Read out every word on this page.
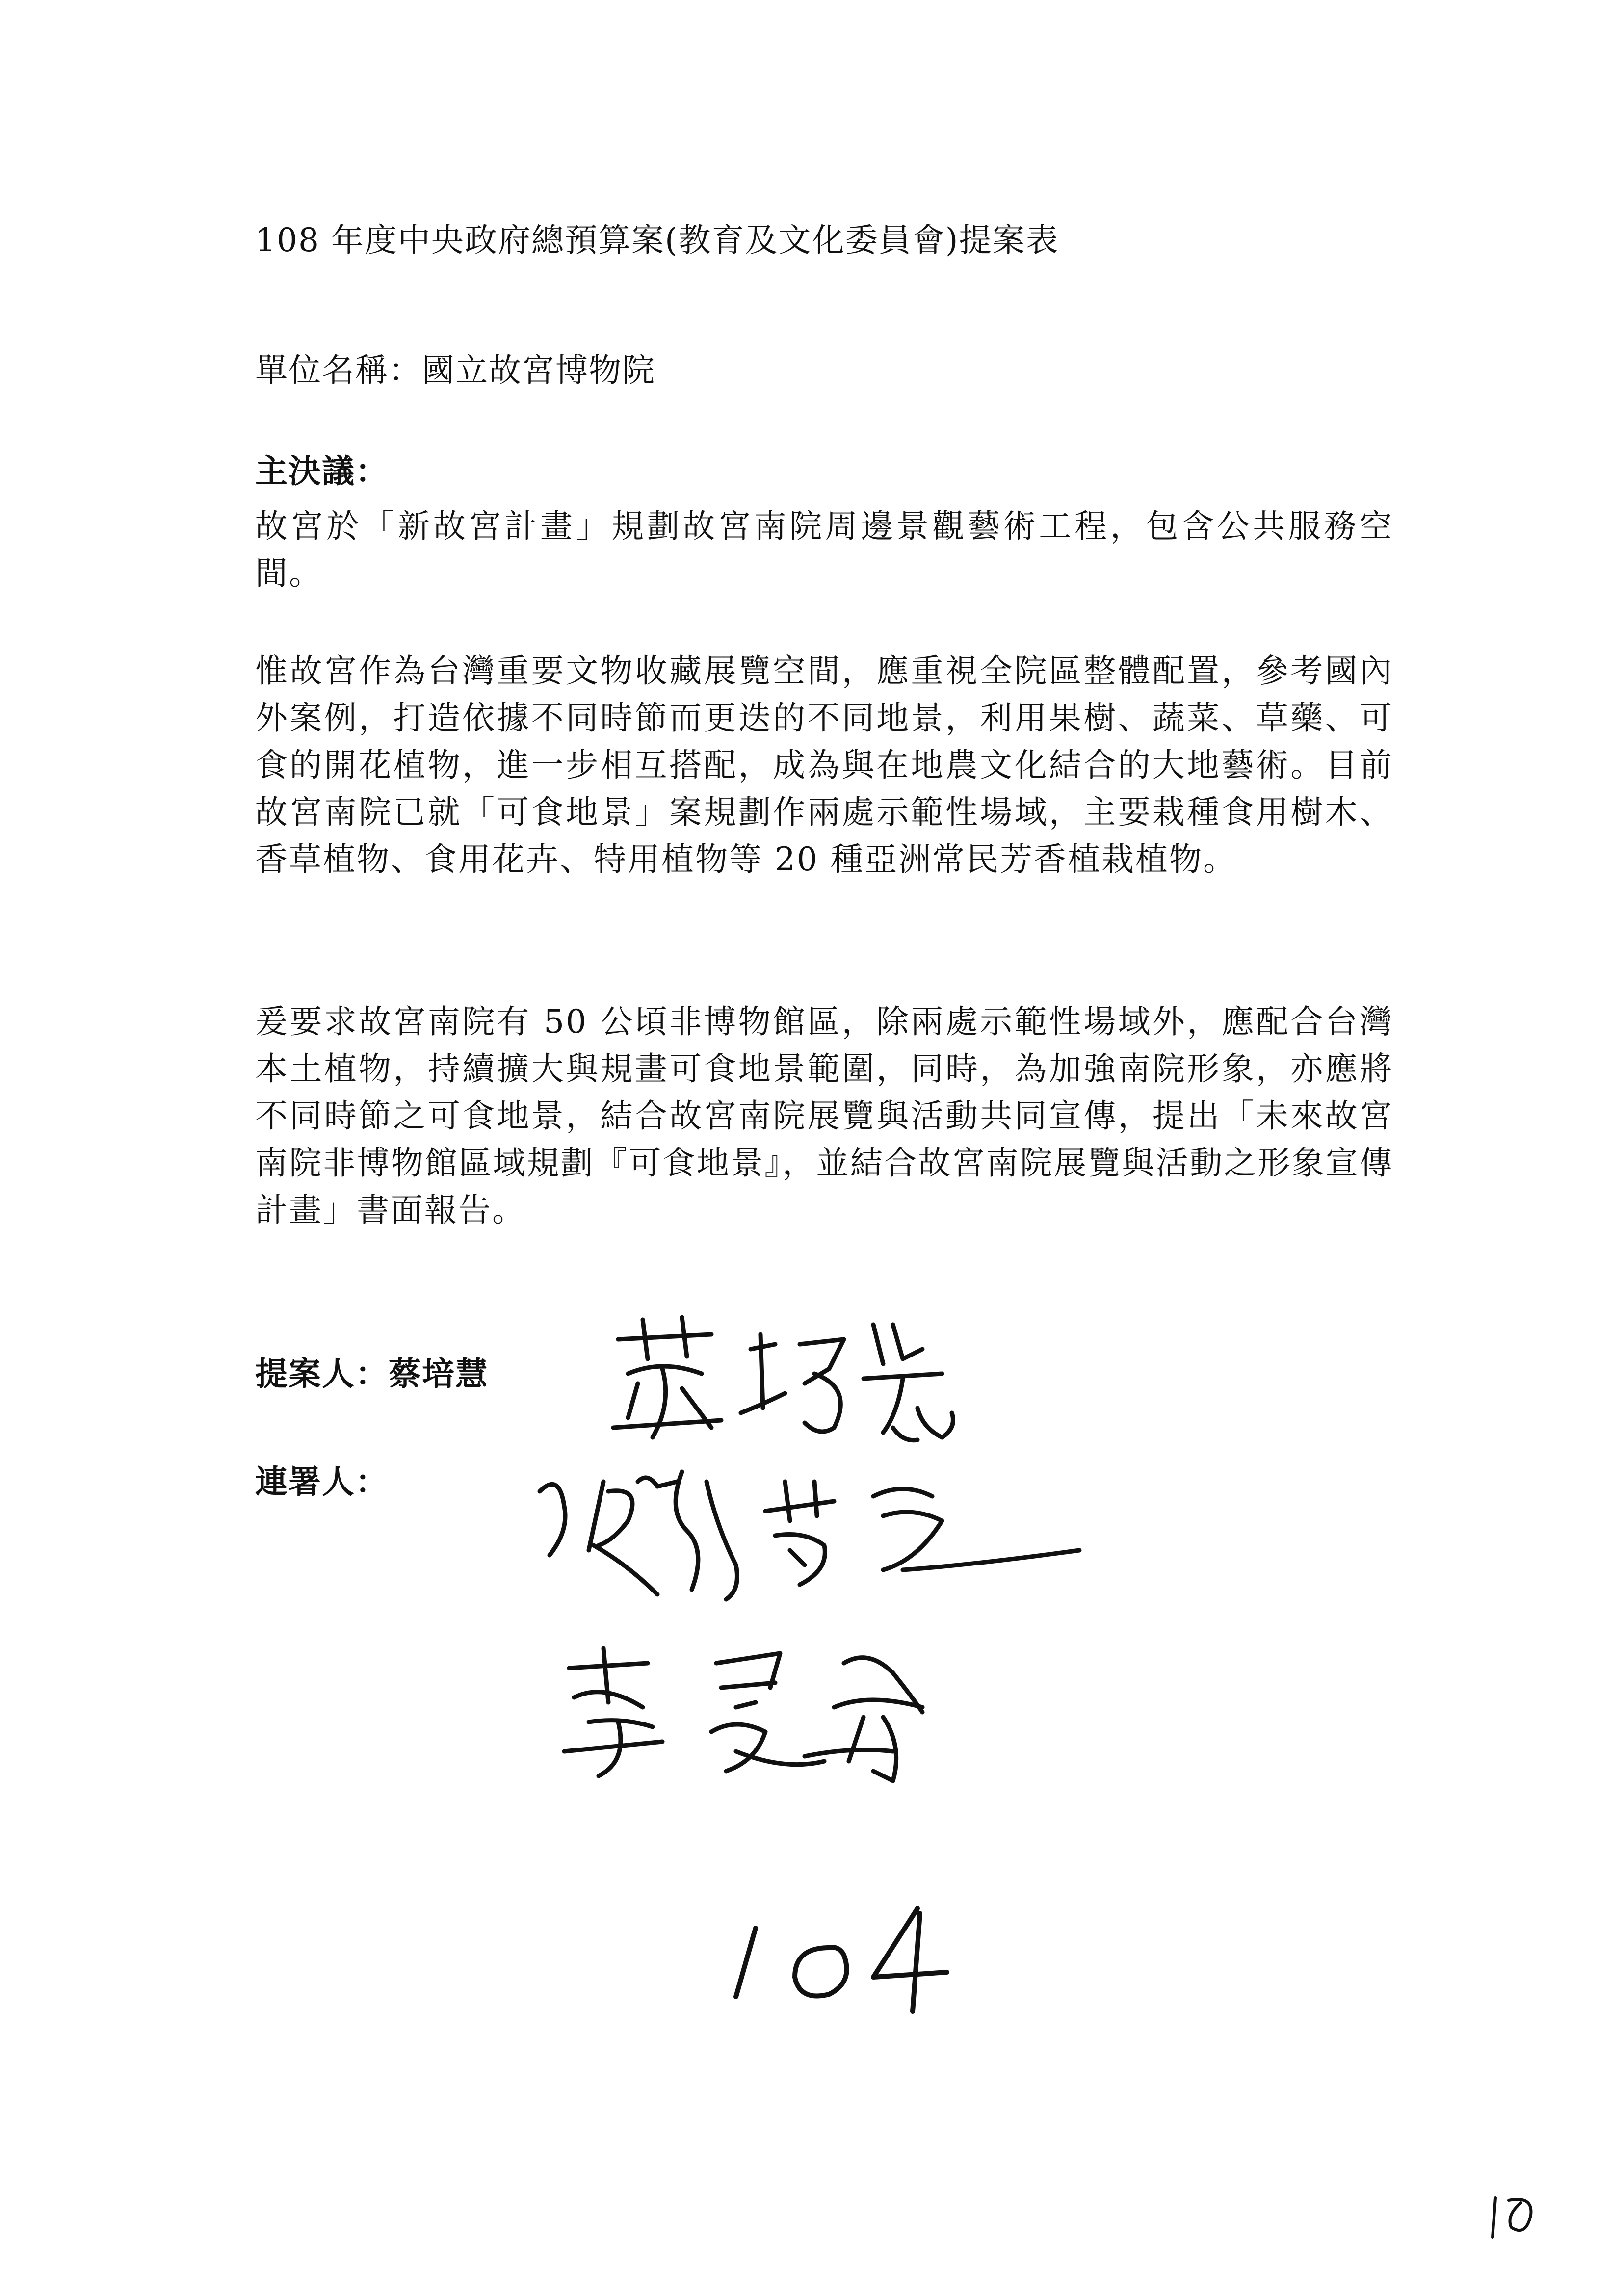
108 年度中央政府總預算案(教育及文化委員會)提案表
單位名稱：國立故宮博物院
主決議：
故宮於「新故宮計畫」規劃故宮南院周邊景觀藝術工程，包含公共服務空間。
惟故宮作為台灣重要文物收藏展覽空間，應重視全院區整體配置，參考國內外案例，打造依據不同時節而更迭的不同地景，利用果樹、蔬菜、草藥、可食的開花植物，進一步相互搭配，成為與在地農文化結合的大地藝術。目前故宮南院已就「可食地景」案規劃作兩處示範性場域，主要栽種食用樹木、香草植物、食用花卉、特用植物等 20 種亞洲常民芳香植栽植物。
爰要求故宮南院有 50 公頃非博物館區，除兩處示範性場域外，應配合台灣本土植物，持續擴大與規畫可食地景範圍，同時，為加強南院形象，亦應將不同時節之可食地景，結合故宮南院展覽與活動共同宣傳，提出「未來故宮南院非博物館區域規劃『可食地景』，並結合故宮南院展覽與活動之形象宣傳計畫」書面報告。
提案人：蔡培慧
連署人：
